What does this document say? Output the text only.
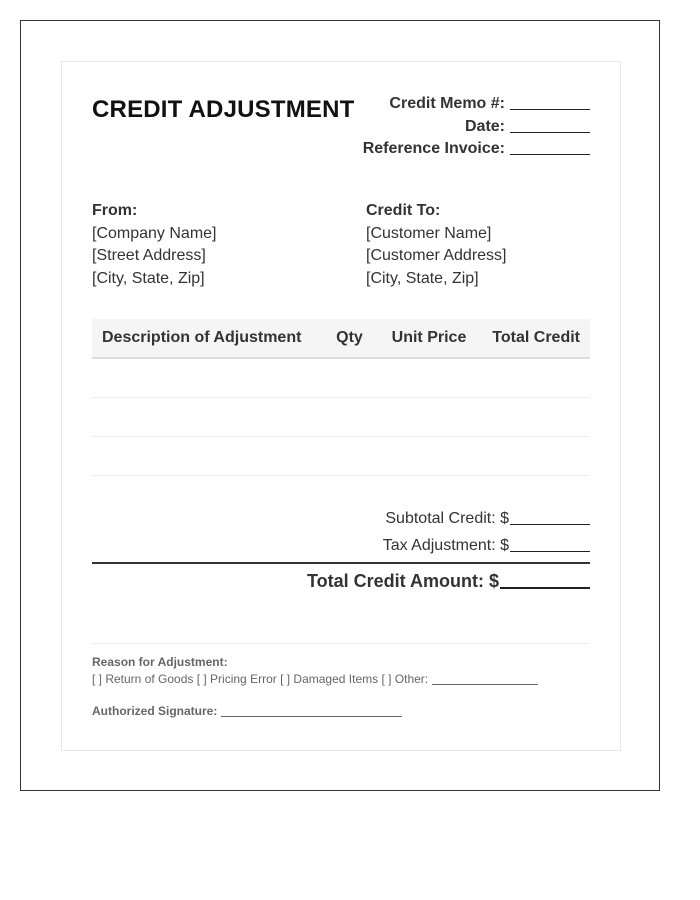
CREDIT ADJUSTMENT	Credit Memo #:
Date:
Reference Invoice:
From:
[Company Name]
[Street Address]
[City, State, Zip]
Credit To:
[Customer Name]
[Customer Address]
[City, State, Zip]
Description of Adjustment	Qty	Unit Price	Total Credit
Subtotal Credit: $
Tax Adjustment: $
Total Credit Amount: $
Reason for Adjustment:
[ ] Return of Goods [ ] Pricing Error [ ] Damaged Items [ ] Other:
Authorized Signature:
